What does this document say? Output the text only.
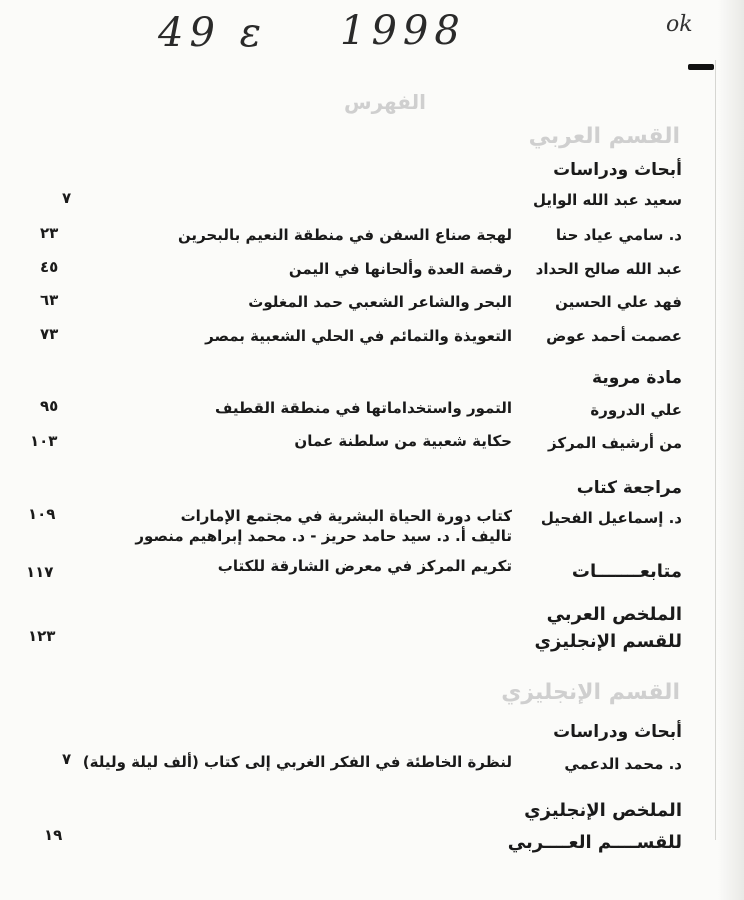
49 ε 1998	ok
الفهرس
القسم العربي
أبحاث ودراسات
سعيد عبد الله الوايل
٧
د. سامي عياد حنا
لهجة صناع السفن في منطقة النعيم بالبحرين
٢٣
عبد الله صالح الحداد
رقصة العدة وألحانها في اليمن
٤٥
فهد علي الحسين
البحر والشاعر الشعبي حمد المغلوث
٦٣
عصمت أحمد عوض
التعويذة والتمائم في الحلي الشعبية بمصر
٧٣
مادة مروية
علي الدرورة
التمور واستخداماتها في منطقة القطيف
٩٥
من أرشيف المركز
حكاية شعبية من سلطنة عمان
١٠٣
مراجعة كتاب
د. إسماعيل الفحيل
كتاب دورة الحياة البشرية في مجتمع الإمارات
تاليف أ. د. سيد حامد حريز - د. محمد إبراهيم منصور
١٠٩
متابعـــــــات
تكريم المركز في معرض الشارقة للكتاب
١١٧
الملخص العربي
للقسم الإنجليزي
١٢٣
القسم الإنجليزي
أبحاث ودراسات
د. محمد الدعمي
لنظرة الخاطئة في الفكر الغربي إلى كتاب (ألف ليلة وليلة)
٧
الملخص الإنجليزي
للقســــم العــــربي
١٩
